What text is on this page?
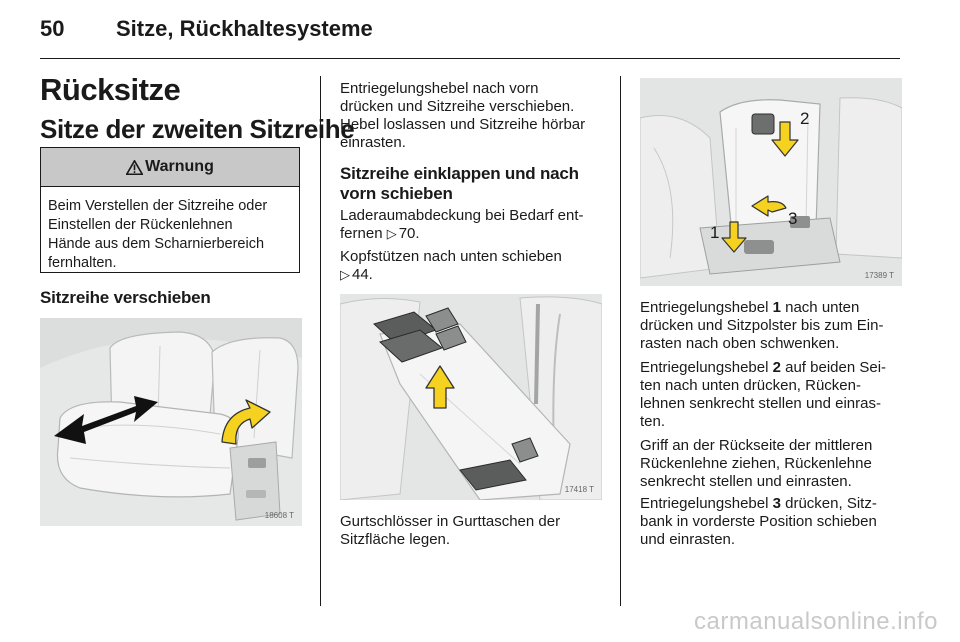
50 Sitze, Rückhaltesysteme
Rücksitze
Sitze der zweiten Sitzreihe
Warnung
Beim Verstellen der Sitzreihe oder
Einstellen der Rückenlehnen
Hände aus dem Scharnierbereich
fernhalten.
Sitzreihe verschieben
18608 T
Entriegelungshebel nach vorn
drücken und Sitzreihe verschieben.
Hebel loslassen und Sitzreihe hörbar
einrasten.
Sitzreihe einklappen und nach
vorn schieben
Laderaumabdeckung bei Bedarf ent-
fernen ▷ 70.
Kopfstützen nach unten schieben
▷ 44.
17418 T
Gurtschlösser in Gurttaschen der
Sitzfläche legen.
2
3
1
17389 T
Entriegelungshebel 1 nach unten
drücken und Sitzpolster bis zum Ein-
rasten nach oben schwenken.
Entriegelungshebel 2 auf beiden Sei-
ten nach unten drücken, Rücken-
lehnen senkrecht stellen und einras-
ten.
Griff an der Rückseite der mittleren
Rückenlehne ziehen, Rückenlehne
senkrecht stellen und einrasten.
Entriegelungshebel 3 drücken, Sitz-
bank in vorderste Position schieben
und einrasten.
carmanualsonline.info
